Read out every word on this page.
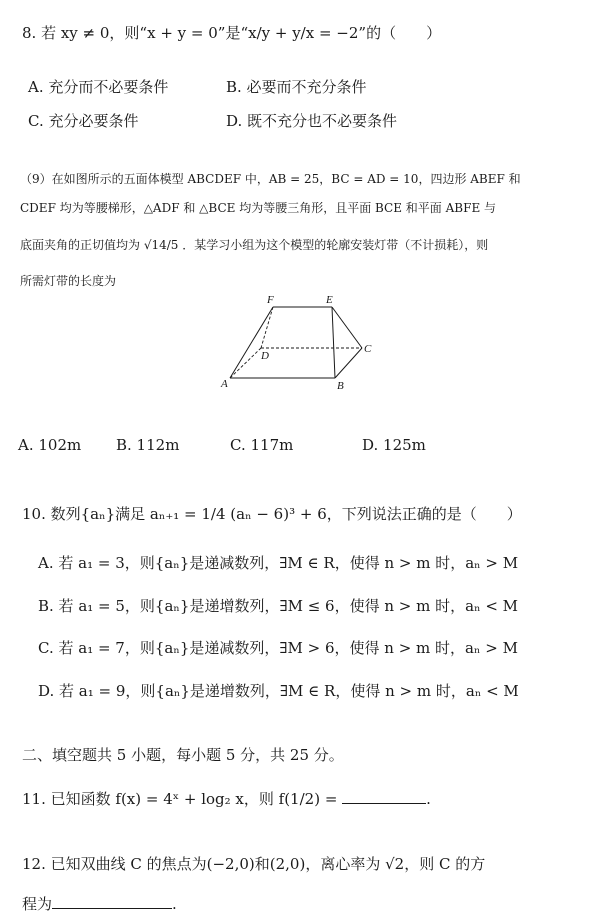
8. 若 xy ≠ 0，则“x + y = 0”是“x/y + y/x = −2”的（　　）
A. 充分而不必要条件	B. 必要而不充分条件
C. 充分必要条件	D. 既不充分也不必要条件
（9）在如图所示的五面体模型 ABCDEF 中，AB = 25，BC = AD = 10，四边形 ABEF 和
CDEF 均为等腰梯形，△ADF 和 △BCE 均为等腰三角形，且平面 BCE 和平面 ABFE 与
底面夹角的正切值均为 √14/5 ．某学习小组为这个模型的轮廓安装灯带（不计损耗），则
所需灯带的长度为
F	E
C
D
A	B
A. 102m B. 112m	C. 117m	D. 125m
10. 数列{aₙ}满足 aₙ₊₁ = 1/4 (aₙ − 6)³ + 6，下列说法正确的是（　　）
A. 若 a₁ = 3，则{aₙ}是递减数列，∃M ∈ R，使得 n > m 时，aₙ > M
B. 若 a₁ = 5，则{aₙ}是递增数列，∃M ≤ 6，使得 n > m 时，aₙ < M
C. 若 a₁ = 7，则{aₙ}是递减数列，∃M > 6，使得 n > m 时，aₙ > M
D. 若 a₁ = 9，则{aₙ}是递增数列，∃M ∈ R，使得 n > m 时，aₙ < M
二、填空题共 5 小题，每小题 5 分，共 25 分。
11. 已知函数 f(x) = 4ˣ + log₂ x，则 f(1/2) =	.
12. 已知双曲线 C 的焦点为(−2,0)和(2,0)，离心率为 √2，则 C 的方
程为	.
